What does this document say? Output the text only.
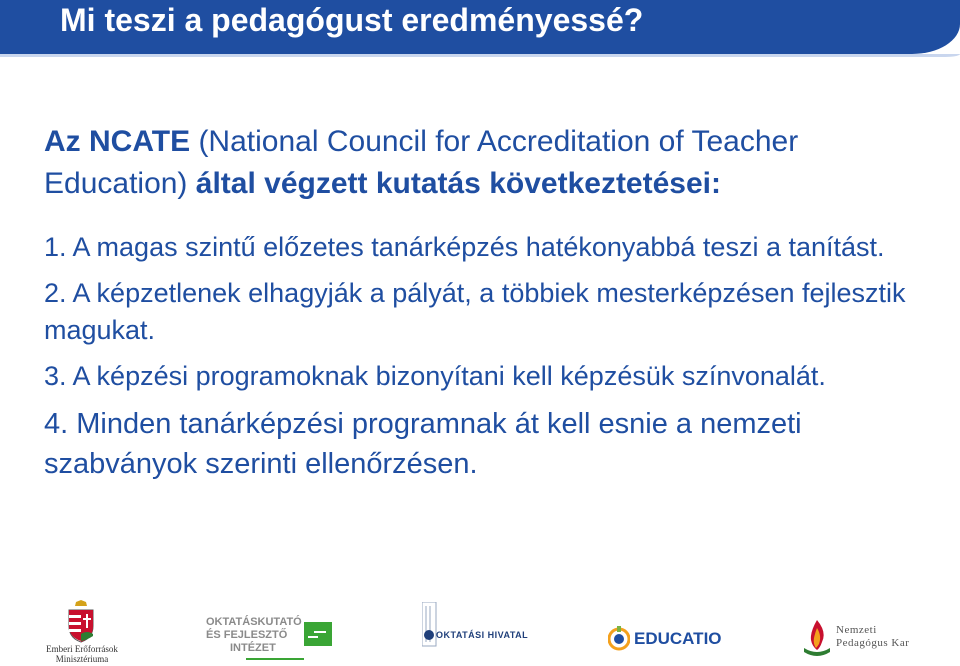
Mi teszi a pedagógust eredményessé?
Az NCATE (National Council for Accreditation of Teacher Education) által végzett kutatás következtetései:
1. A magas szintű előzetes tanárképzés hatékonyabbá teszi a tanítást.
2. A képzetlenek elhagyják a pályát, a többiek mesterképzésen fejlesztik magukat.
3. A képzési programoknak bizonyítani kell képzésük színvonalát.
4. Minden tanárképzési programnak át kell esnie a nemzeti szabványok szerinti ellenőrzésen.
Emberi Erőforrások
Minisztériuma
OKTATÁSKUTATÓ
ÉS FEJLESZTŐ
INTÉZET
OKTATÁSI HIVATAL	EDUCATIO	Nemzeti
Pedagógus Kar
